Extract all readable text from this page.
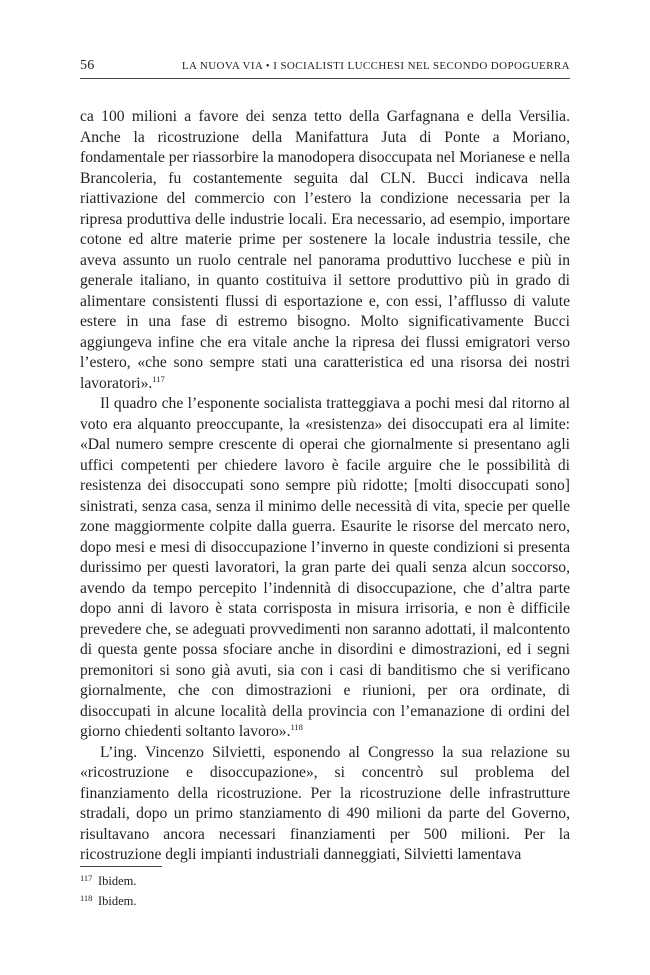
56	LA NUOVA VIA • I SOCIALISTI LUCCHESI NEL SECONDO DOPOGUERRA

ca 100 milioni a favore dei senza tetto della Garfagnana e della Versilia. Anche la ricostruzione della Manifattura Juta di Ponte a Moriano, fondamentale per riassorbire la manodopera disoccupata nel Morianese e nella Brancoleria, fu costantemente seguita dal CLN. Bucci indicava nella riattivazione del commercio con l’estero la condizione necessaria per la ripresa produttiva delle industrie locali. Era necessario, ad esempio, importare cotone ed altre materie prime per sostenere la locale industria tessile, che aveva assunto un ruolo centrale nel panorama produttivo lucchese e più in generale italiano, in quanto costituiva il settore produttivo più in grado di alimentare consistenti flussi di esportazione e, con essi, l’afflusso di valute estere in una fase di estremo bisogno. Molto significativamente Bucci aggiungeva infine che era vitale anche la ripresa dei flussi emigratori verso l’estero, «che sono sempre stati una caratteristica ed una risorsa dei nostri lavoratori».$^{117}$

Il quadro che l’esponente socialista tratteggiava a pochi mesi dal ritorno al voto era alquanto preoccupante, la «resistenza» dei disoccupati era al limite: «Dal numero sempre crescente di operai che giornalmente si presentano agli uffici competenti per chiedere lavoro è facile arguire che le possibilità di resistenza dei disoccupati sono sempre più ridotte; [molti disoccupati sono] sinistrati, senza casa, senza il minimo delle necessità di vita, specie per quelle zone maggiormente colpite dalla guerra. Esaurite le risorse del mercato nero, dopo mesi e mesi di disoccupazione l’inverno in queste condizioni si presenta durissimo per questi lavoratori, la gran parte dei quali senza alcun soccorso, avendo da tempo percepito l’indennità di disoccupazione, che d’altra parte dopo anni di lavoro è stata corrisposta in misura irrisoria, e non è difficile prevedere che, se adeguati provvedimenti non saranno adottati, il malcontento di questa gente possa sfociare anche in disordini e dimostrazioni, ed i segni premonitori si sono già avuti, sia con i casi di banditismo che si verificano giornalmente, che con dimostrazioni e riunioni, per ora ordinate, di disoccupati in alcune località della provincia con l’emanazione di ordini del giorno chiedenti soltanto lavoro».$^{118}$

L’ing. Vincenzo Silvietti, esponendo al Congresso la sua relazione su «ricostruzione e disoccupazione», si concentrò sul problema del finanziamento della ricostruzione. Per la ricostruzione delle infrastrutture stradali, dopo un primo stanziamento di 490 milioni da parte del Governo, risultavano ancora necessari finanziamenti per 500 milioni. Per la ricostruzione degli impianti industriali danneggiati, Silvietti lamentava

117 Ibidem.
118 Ibidem.
